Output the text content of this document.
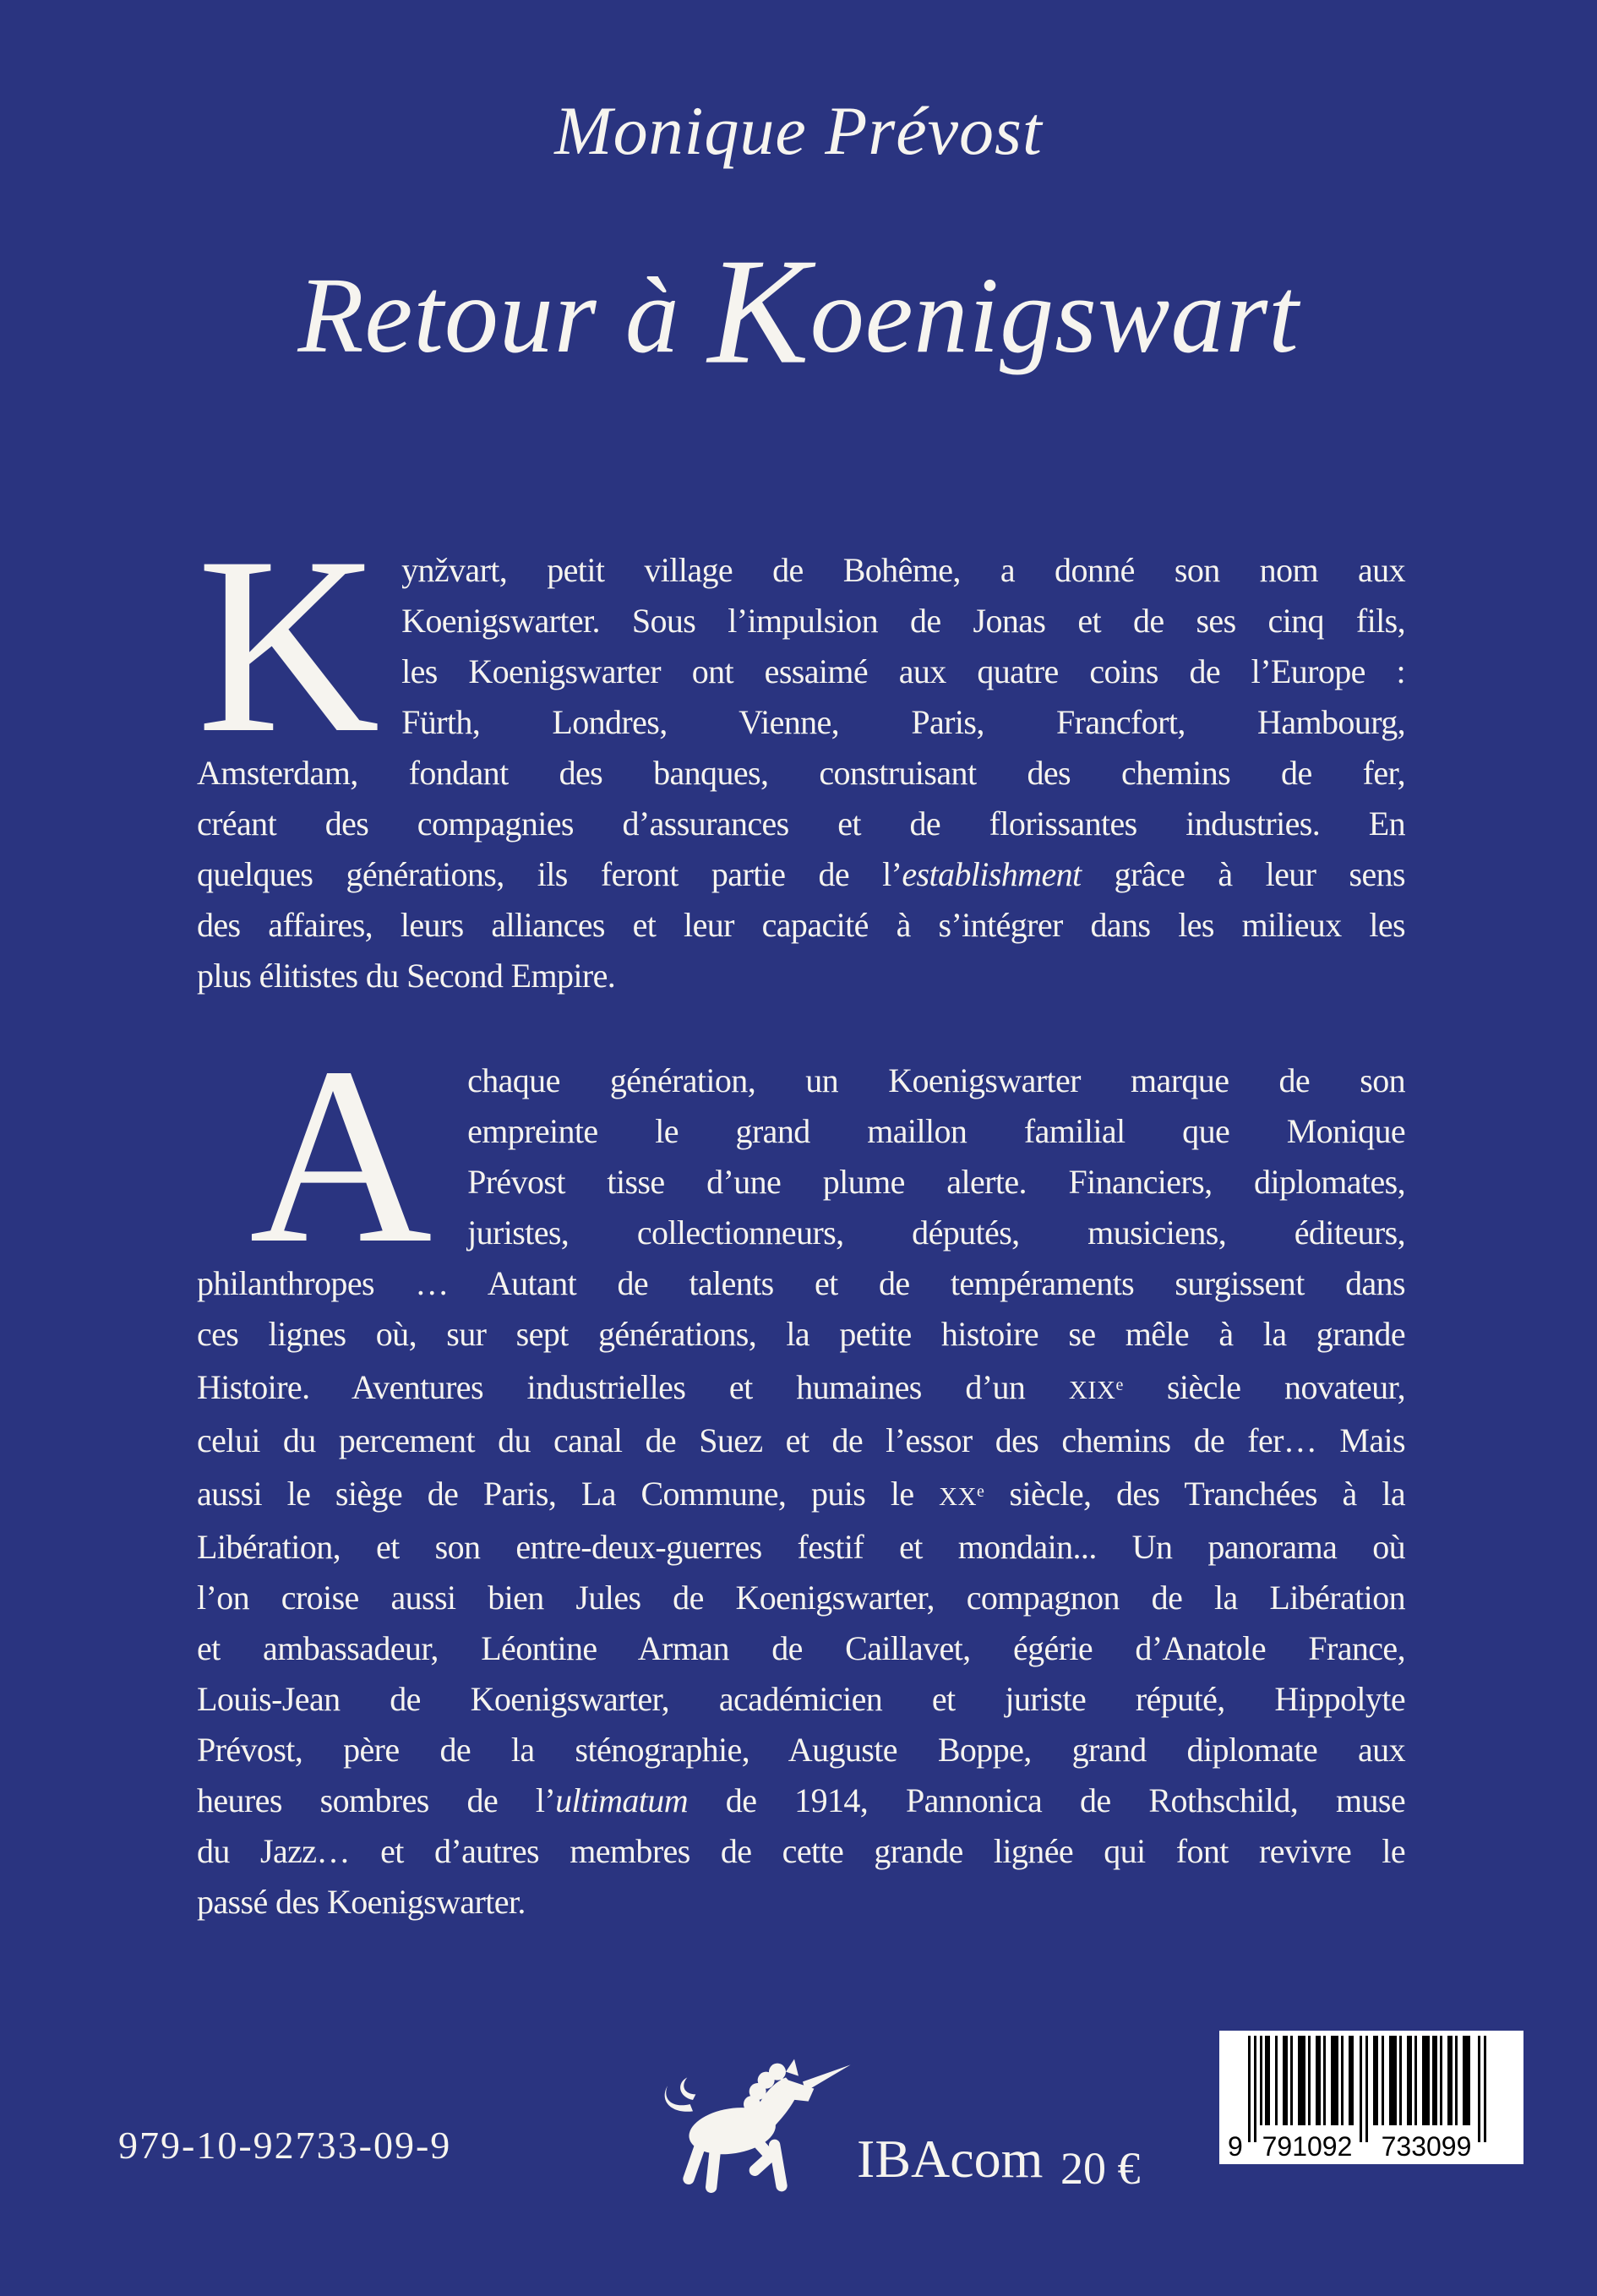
Monique Prévost
Retour à Koenigswart
K ynžvart, petit village de Bohême, a donné son nom aux
Koenigswarter. Sous l’impulsion de Jonas et de ses cinq fils,
les Koenigswarter ont essaimé aux quatre coins de l’Europe :
Fürth, Londres, Vienne, Paris, Francfort, Hambourg,
Amsterdam, fondant des banques, construisant des chemins de fer,
créant des compagnies d’assurances et de florissantes industries. En
quelques générations, ils feront partie de l’establishment grâce à leur sens
des affaires, leurs alliances et leur capacité à s’intégrer dans les milieux les
plus élitistes du Second Empire.
A	chaque génération, un Koenigswarter marque de son
empreinte le grand maillon familial que Monique
Prévost tisse d’une plume alerte. Financiers, diplomates,
juristes, collectionneurs, députés, musiciens, éditeurs,
philanthropes … Autant de talents et de tempéraments surgissent dans
ces lignes où, sur sept générations, la petite histoire se mêle à la grande
Histoire. Aventures industrielles et humaines d’un XIXe siècle novateur,
celui du percement du canal de Suez et de l’essor des chemins de fer… Mais
aussi le siège de Paris, La Commune, puis le XXe siècle, des Tranchées à la
Libération, et son entre-deux-guerres festif et mondain... Un panorama où
l’on croise aussi bien Jules de Koenigswarter, compagnon de la Libération
et ambassadeur, Léontine Arman de Caillavet, égérie d’Anatole France,
Louis-Jean de Koenigswarter, académicien et juriste réputé, Hippolyte
Prévost, père de la sténographie, Auguste Boppe, grand diplomate aux
heures sombres de l’ultimatum de 1914, Pannonica de Rothschild, muse
du Jazz… et d’autres membres de cette grande lignée qui font revivre le
passé des Koenigswarter.
979-10-92733-09-9	IBAcom 20 €	9 791092 733099
